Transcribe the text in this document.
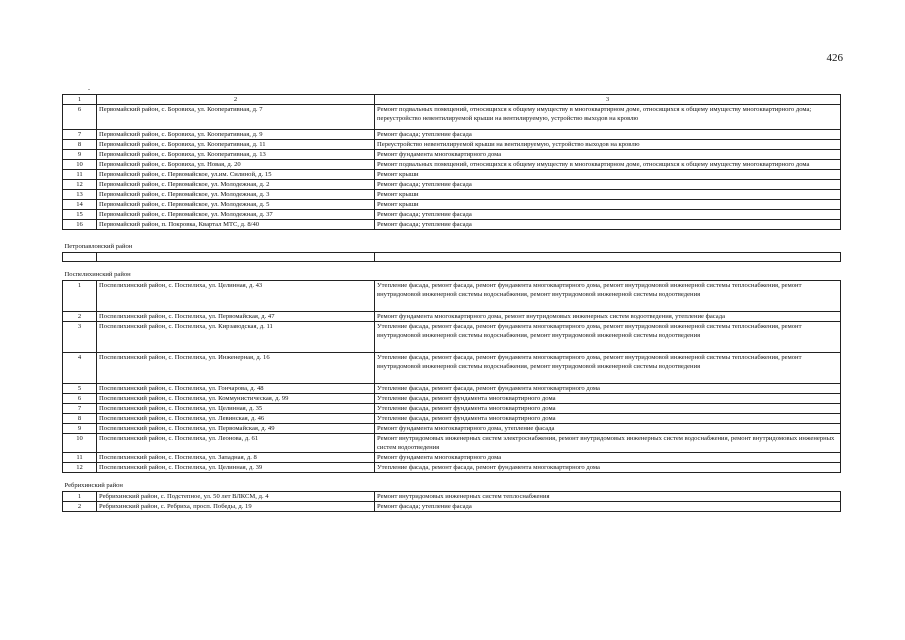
426
.
1	2	3
6	Первомайский район, с. Боровиха, ул. Кооперативная, д. 7	Ремонт подвальных помещений, относящихся к общему имуществу в многоквартирном доме, относящихся к общему имуществу многоквартирного дома; переустройство невентилируемой крыши на вентилируемую, устройство выходов на кровлю
7	Первомайский район, с. Боровиха, ул. Кооперативная, д. 9	Ремонт фасада; утепление фасада
8	Первомайский район, с. Боровиха, ул. Кооперативная, д. 11	Переустройство невентилируемой крыши на вентилируемую, устройство выходов на кровлю
9	Первомайский район, с. Боровиха, ул. Кооперативная, д. 13	Ремонт фундамента многоквартирного дома
10	Первомайский район, с. Боровиха, ул. Новая, д. 20	Ремонт подвальных помещений, относящихся к общему имуществу в многоквартирном доме, относящихся к общему имуществу многоквартирного дома
11	Первомайский район, с. Первомайское, ул.им. Силиной, д. 15	Ремонт крыши
12	Первомайский район, с. Первомайское, ул. Молодежная, д. 2	Ремонт фасада; утепление фасада
13	Первомайский район, с. Первомайское, ул. Молодежная, д. 3	Ремонт крыши
14	Первомайский район, с. Первомайское, ул. Молодежная, д. 5	Ремонт крыши
15	Первомайский район, с. Первомайское, ул. Молодежная, д. 37	Ремонт фасада; утепление фасада
16	Первомайский район, п. Покровка, Квартал МТС, д. 8/40	Ремонт фасада; утепление фасада
Петропавловский район		

Поспелихинский район		
1	Поспелихинский район, с. Поспелиха, ул. Целинная, д. 43	Утепление фасада, ремонт фасада, ремонт фундамента многоквартирного дома, ремонт внутридомовой инженерной системы теплоснабжения, ремонт внутридомовой инженерной системы водоснабжения, ремонт внутридомовой инженерной системы водоотведения
2	Поспелихинский район, с. Поспелиха, ул. Первомайская, д. 47	Ремонт фундамента многоквартирного дома, ремонт внутридомовых инженерных систем водоотведения, утепление фасада
3	Поспелихинский район, с. Поспелиха, ул. Кирзаводская, д. 11	Утепление фасада, ремонт фасада, ремонт фундамента многоквартирного дома, ремонт внутридомовой инженерной системы теплоснабжения, ремонт внутридомовой инженерной системы водоснабжения, ремонт внутридомовой инженерной системы водоотведения
4	Поспелихинский район, с. Поспелиха, ул. Инженерная, д. 16	Утепление фасада, ремонт фасада, ремонт фундамента многоквартирного дома, ремонт внутридомовой инженерной системы теплоснабжения, ремонт внутридомовой инженерной системы водоснабжения, ремонт внутридомовой инженерной системы водоотведения
5	Поспелихинский район, с. Поспелиха, ул. Гончарова, д. 48	Утепление фасада, ремонт фасада, ремонт фундамента многоквартирного дома
6	Поспелихинский район, с. Поспелиха, ул. Коммунистическая, д. 99	Утепление фасада, ремонт фундамента многоквартирного дома
7	Поспелихинский район, с. Поспелиха, ул. Целинная, д. 35	Утепление фасада, ремонт фундамента многоквартирного дома
8	Поспелихинский район, с. Поспелиха, ул. Левинская, д. 46	Утепление фасада, ремонт фундамента многоквартирного дома
9	Поспелихинский район, с. Поспелиха, ул. Первомайская, д. 49	Ремонт фундамента многоквартирного дома, утепление фасада
10	Поспелихинский район, с. Поспелиха, ул. Леонова, д. 61	Ремонт внутридомовых инженерных систем электроснабжения, ремонт внутридомовых инженерных систем водоснабжения, ремонт внутридомовых инженерных систем водоотведения
11	Поспелихинский район, с. Поспелиха, ул. Западная, д. 8	Ремонт фундамента многоквартирного дома
12	Поспелихинский район, с. Поспелиха, ул. Целинная, д. 39	Утепление фасада, ремонт фасада, ремонт фундамента многоквартирного дома
Ребрихинский район		
1	Ребрихинский район, с. Подстепное, ул. 50 лет ВЛКСМ, д. 4	Ремонт внутридомовых инженерных систем теплоснабжения
2	Ребрихинский район, с. Ребриха, просп. Победы, д. 19	Ремонт фасада; утепление фасада
